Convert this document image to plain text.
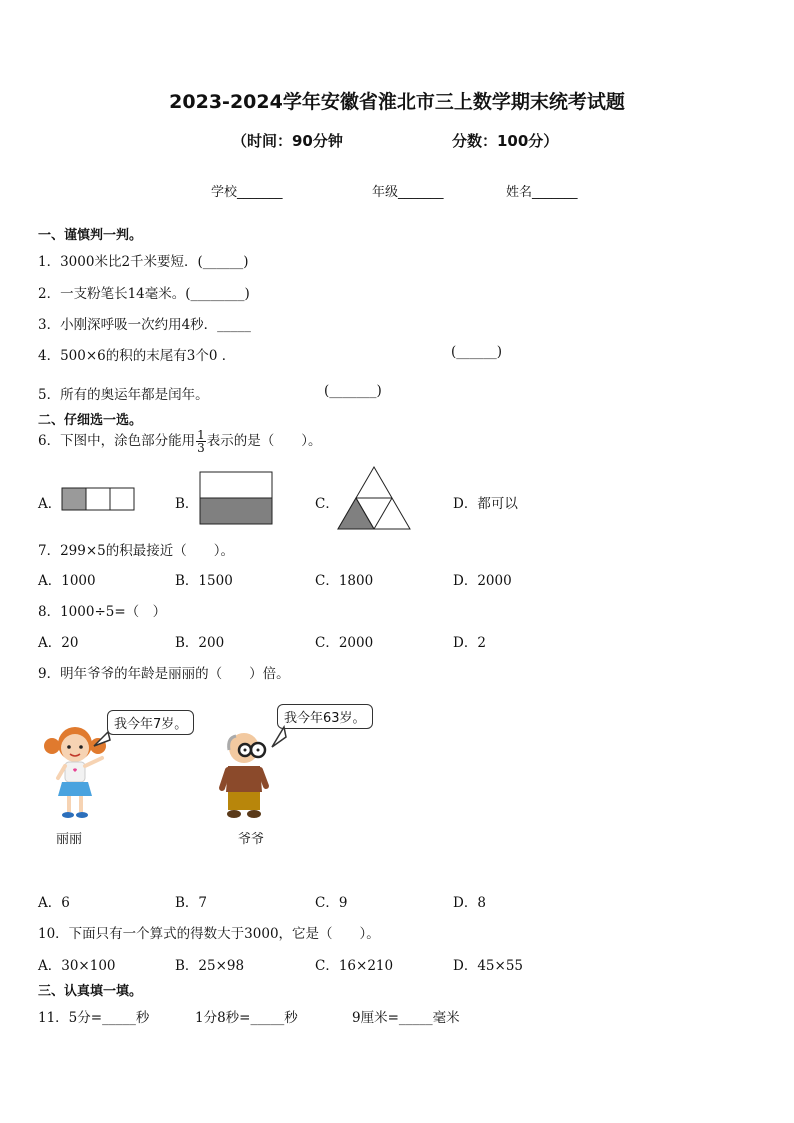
2023-2024学年安徽省淮北市三上数学期末统考试题
（时间：90分钟	分数：100分）
学校_______	年级_______	姓名_______
一、谨慎判一判。
1．3000米比2千米要短．(______)
2．一支粉笔长14毫米。(________)
3．小刚深呼吸一次约用4秒．_____
4．500×6的积的末尾有3个0 ．	(______)
5．所有的奥运年都是闰年。	(_______)
二、仔细选一选。
6．下图中，涂色部分能用 $\frac{1}{3}$ 表示的是（　　）。
A．	B．	C．	D．都可以
7．299×5的积最接近（　　）。
A．1000	B．1500	C．1800	D．2000
8．1000÷5=（　）
A．20	B．200	C．2000	D．2
9．明年爷爷的年龄是丽丽的（　　）倍。
我今年7岁。
丽丽
我今年63岁。
爷爷
A．6	B．7	C．9	D．8
10．下面只有一个算式的得数大于3000，它是（　　）。
A．30×100	B．25×98	C．16×210	D．45×55
三、认真填一填。
11．5分=_____秒	1分8秒=_____秒	9厘米=_____毫米
